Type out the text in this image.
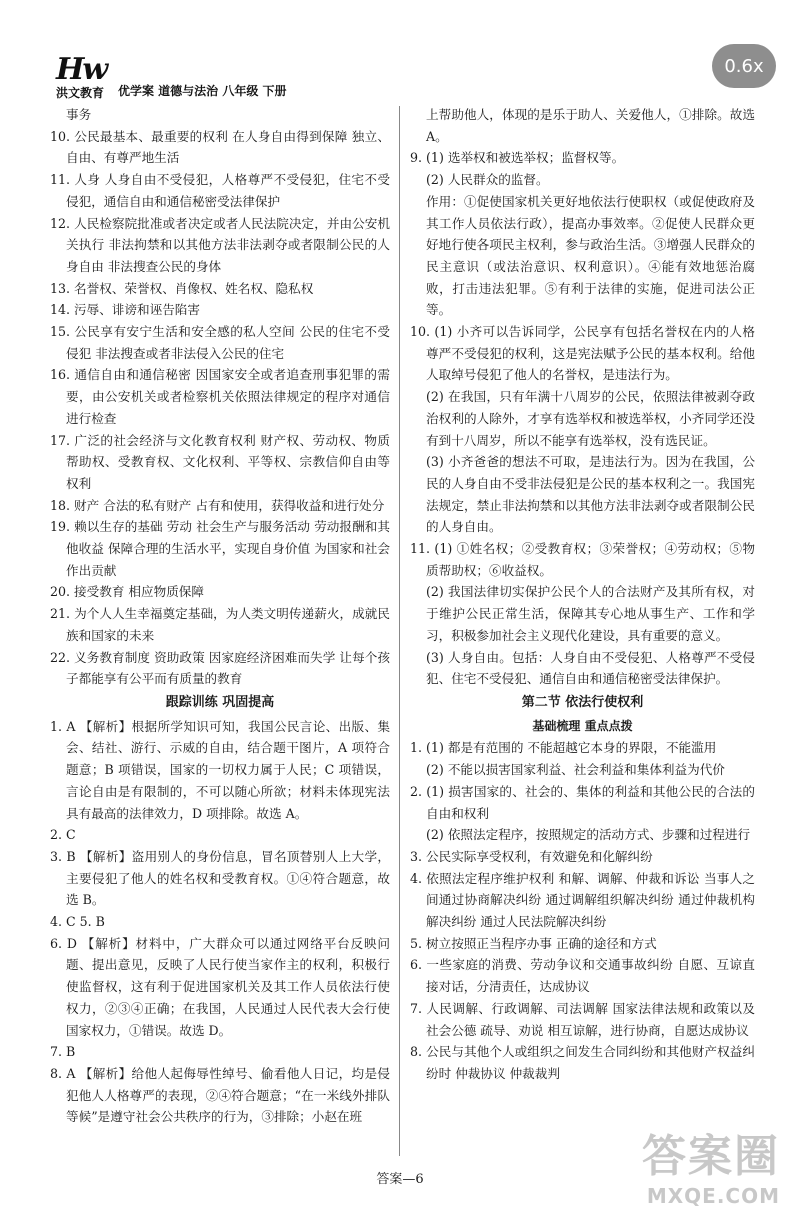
Hw
洪文教育 优学案 道德与法治 八年级 下册
0.6x

事务

10. 公民最基本、最重要的权利 在人身自由得到保障 独立、自由、有尊严地生活

11. 人身 人身自由不受侵犯，人格尊严不受侵犯，住宅不受侵犯，通信自由和通信秘密受法律保护

12. 人民检察院批准或者决定或者人民法院决定，并由公安机关执行 非法拘禁和以其他方法非法剥夺或者限制公民的人身自由 非法搜查公民的身体

13. 名誉权、荣誉权、肖像权、姓名权、隐私权

14. 污辱、诽谤和诬告陷害

15. 公民享有安宁生活和安全感的私人空间 公民的住宅不受侵犯 非法搜查或者非法侵入公民的住宅

16. 通信自由和通信秘密 因国家安全或者追查刑事犯罪的需要，由公安机关或者检察机关依照法律规定的程序对通信进行检查

17. 广泛的社会经济与文化教育权利 财产权、劳动权、物质帮助权、受教育权、文化权利、平等权、宗教信仰自由等权利

18. 财产 合法的私有财产 占有和使用，获得收益和进行处分

19. 赖以生存的基础 劳动 社会生产与服务活动 劳动报酬和其他收益 保障合理的生活水平，实现自身价值 为国家和社会作出贡献

20. 接受教育 相应物质保障

21. 为个人人生幸福奠定基础，为人类文明传递薪火，成就民族和国家的未来

22. 义务教育制度 资助政策 因家庭经济困难而失学 让每个孩子都能享有公平而有质量的教育

跟踪训练 巩固提高

1. A 【解析】根据所学知识可知，我国公民言论、出版、集会、结社、游行、示威的自由，结合题干图片，A 项符合题意；B 项错误，国家的一切权力属于人民；C 项错误，言论自由是有限制的，不可以随心所欲；材料未体现宪法具有最高的法律效力，D 项排除。故选 A。

2. C

3. B 【解析】盗用别人的身份信息，冒名顶替别人上大学，主要侵犯了他人的姓名权和受教育权。①④符合题意，故选 B。

4. C 5. B

6. D 【解析】材料中，广大群众可以通过网络平台反映问题、提出意见，反映了人民行使当家作主的权利，积极行使监督权，这有利于促进国家机关及其工作人员依法行使权力，②③④正确；在我国，人民通过人民代表大会行使国家权力，①错误。故选 D。

7. B

8. A 【解析】给他人起侮辱性绰号、偷看他人日记，均是侵犯他人人格尊严的表现，②④符合题意；“在一米线外排队等候”是遵守社会公共秩序的行为，③排除；小赵在班

上帮助他人，体现的是乐于助人、关爱他人，①排除。故选 A。

9. (1) 选举权和被选举权；监督权等。

(2) 人民群众的监督。

作用：①促使国家机关更好地依法行使职权（或促使政府及其工作人员依法行政），提高办事效率。②促使人民群众更好地行使各项民主权利，参与政治生活。③增强人民群众的民主意识（或法治意识、权利意识）。④能有效地惩治腐败，打击违法犯罪。⑤有利于法律的实施，促进司法公正等。

10. (1) 小齐可以告诉同学，公民享有包括名誉权在内的人格尊严不受侵犯的权利，这是宪法赋予公民的基本权利。给他人取绰号侵犯了他人的名誉权，是违法行为。

(2) 在我国，只有年满十八周岁的公民，依照法律被剥夺政治权利的人除外，才享有选举权和被选举权，小齐同学还没有到十八周岁，所以不能享有选举权，没有选民证。

(3) 小齐爸爸的想法不可取，是违法行为。因为在我国，公民的人身自由不受非法侵犯是公民的基本权利之一。我国宪法规定，禁止非法拘禁和以其他方法非法剥夺或者限制公民的人身自由。

11. (1) ①姓名权；②受教育权；③荣誉权；④劳动权；⑤物质帮助权；⑥收益权。

(2) 我国法律切实保护公民个人的合法财产及其所有权，对于维护公民正常生活，保障其专心地从事生产、工作和学习，积极参加社会主义现代化建设，具有重要的意义。

(3) 人身自由。包括：人身自由不受侵犯、人格尊严不受侵犯、住宅不受侵犯、通信自由和通信秘密受法律保护。

第二节 依法行使权利

基础梳理 重点点拨

1. (1) 都是有范围的 不能超越它本身的界限，不能滥用

(2) 不能以损害国家利益、社会利益和集体利益为代价

2. (1) 损害国家的、社会的、集体的利益和其他公民的合法的自由和权利

(2) 依照法定程序，按照规定的活动方式、步骤和过程进行

3. 公民实际享受权利，有效避免和化解纠纷

4. 依照法定程序维护权利 和解、调解、仲裁和诉讼 当事人之间通过协商解决纠纷 通过调解组织解决纠纷 通过仲裁机构解决纠纷 通过人民法院解决纠纷

5. 树立按照正当程序办事 正确的途径和方式

6. 一些家庭的消费、劳动争议和交通事故纠纷 自愿、互谅直接对话，分清责任，达成协议

7. 人民调解、行政调解、司法调解 国家法律法规和政策以及社会公德 疏导、劝说 相互谅解，进行协商，自愿达成协议

8. 公民与其他个人或组织之间发生合同纠纷和其他财产权益纠纷时 仲裁协议 仲裁裁判

答案—6	答案圈
MXQE.COM
